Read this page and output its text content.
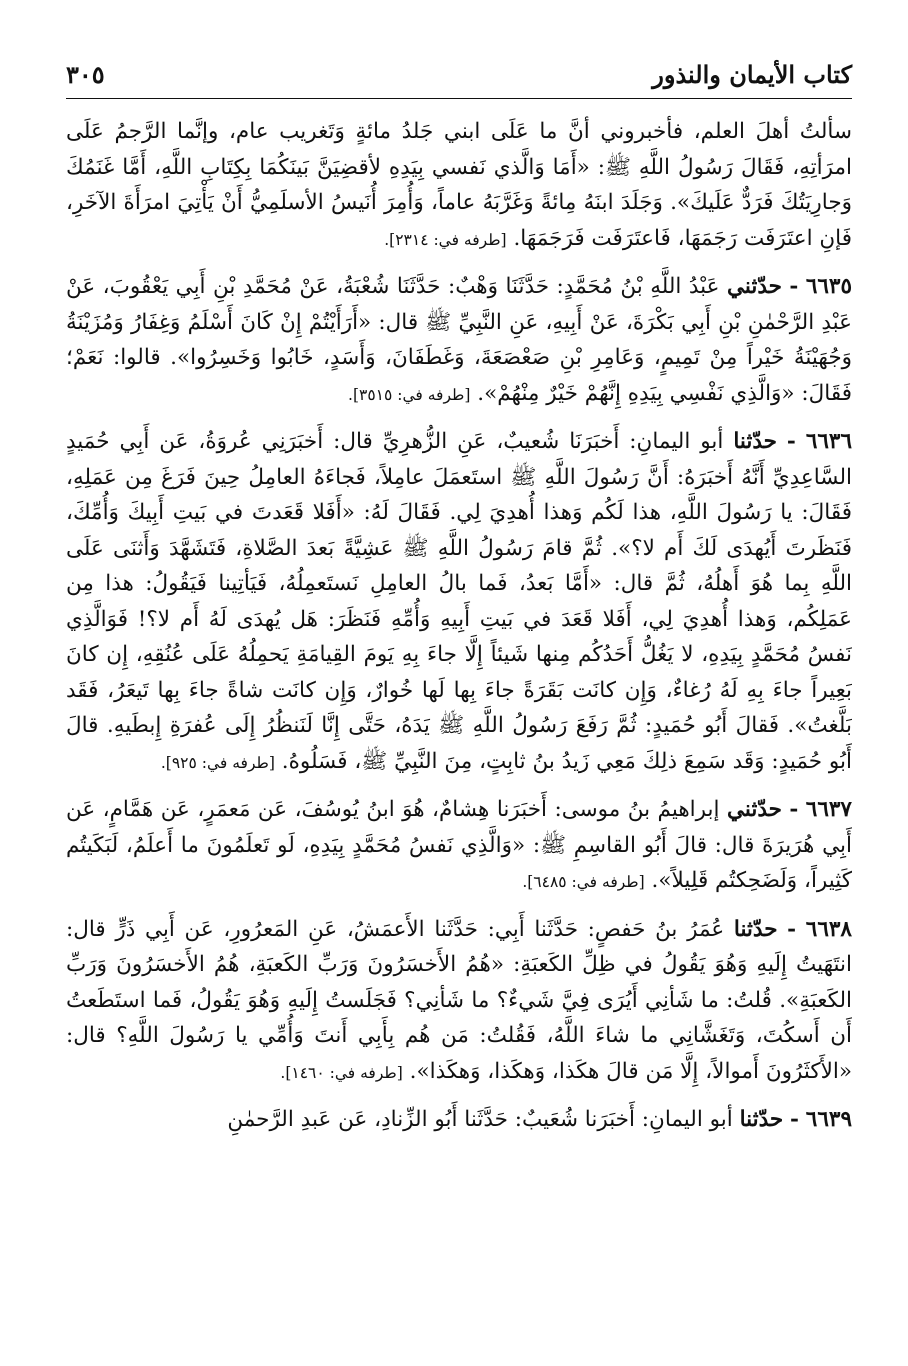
كتاب الأيمان والنذور
٣٠٥

سألتُ أهلَ العلم، فأخبروني أنَّ ما عَلَى ابني جَلدُ مائةٍ وَتَغريب عام، وإنَّما الرَّجمُ عَلَى امرَأتِهِ، فَقَالَ رَسُولُ اللَّهِ ﷺ: «أَمَا وَالَّذي نَفسي بِيَدِهِ لأقضِيَنَّ بَينَكُمَا بِكِتَابِ اللَّهِ، أَمَّا غَنَمُكَ وَجارِيَتُكَ فَرَدٌّ عَلَيكَ». وَجَلَدَ ابنَهُ مِائةً وَغَرَّبَهُ عاماً، وَأُمِرَ أُنَيسُ الأسلَمِيُّ أَنْ يَأْتِيَ امرَأَةَ الآخَرِ، فَإنِ اعتَرَفَت رَجَمَهَا، فَاعتَرَفَت فَرَجَمَهَا. [طرفه في: ٢٣١٤].

٦٦٣٥ - حدّثني عَبْدُ اللَّهِ بْنُ مُحَمَّدٍ: حَدَّثَنَا وَهْبٌ: حَدَّثَنَا شُعْبَةُ، عَنْ مُحَمَّدِ بْنِ أَبِي يَعْقُوبَ، عَنْ عَبْدِ الرَّحْمٰنِ بْنِ أَبِي بَكْرَةَ، عَنْ أَبِيهِ، عَنِ النَّبِيِّ ﷺ قال: «أَرَأَيْتُمْ إِنْ كَانَ أَسْلَمُ وَغِفَارُ وَمُزَيْنَةُ وَجُهَيْنَةُ خَيْراً مِنْ تَمِيمٍ، وَعَامِرِ بْنِ صَعْصَعَةَ، وَغَطَفَانَ، وَأَسَدٍ، خَابُوا وَخَسِرُوا». قالوا: نَعَمْ؛ فَقَالَ: «وَالَّذِي نَفْسِي بِيَدِهِ إِنَّهُمْ خَيْرٌ مِنْهُمْ». [طرفه في: ٣٥١٥].

٦٦٣٦ - حدّثنا أبو اليمانِ: أَخبَرَنَا شُعيبٌ، عَنِ الزُّهرِيِّ قال: أَخبَرَنِي عُروَةُ، عَن أَبِي حُمَيدٍ السَّاعِدِيِّ أَنَّهُ أَخبَرَهُ: أَنَّ رَسُولَ اللَّهِ ﷺ استَعمَلَ عامِلاً، فَجاءَهُ العامِلُ حِينَ فَرَغَ مِن عَمَلِهِ، فَقَالَ: يا رَسُولَ اللَّهِ، هذا لَكُم وَهذا أُهدِيَ لِي. فَقَالَ لَهُ: «أَفَلا قَعَدتَ في بَيتِ أَبِيكَ وَأُمِّكَ، فَنَظَرتَ أَيُهدَى لَكَ أَم لا؟». ثُمَّ قامَ رَسُولُ اللَّهِ ﷺ عَشِيَّةً بَعدَ الصَّلاةِ، فَتَشَهَّدَ وَأَثنَى عَلَى اللَّهِ بِما هُوَ أَهلُهُ، ثُمَّ قال: «أَمَّا بَعدُ، فَما بالُ العامِلِ نَستَعمِلُهُ، فَيَأتِينا فَيَقُولُ: هذا مِن عَمَلِكُم، وَهذا أُهدِيَ لِي، أَفَلا قَعَدَ في بَيتِ أَبِيهِ وَأُمِّهِ فَنَظَرَ: هَل يُهدَى لَهُ أَم لا؟! فَوَالَّذِي نَفسُ مُحَمَّدٍ بِيَدِهِ، لا يَغُلُّ أَحَدُكُم مِنها شَيئاً إِلَّا جاءَ بِهِ يَومَ القِيامَةِ يَحمِلُهُ عَلَى عُنُقِهِ، إِن كانَ بَعِيراً جاءَ بِهِ لَهُ رُغاءٌ، وَإِن كانَت بَقَرَةً جاءَ بِها لَها خُوارٌ، وَإِن كانَت شاةً جاءَ بِها تَيعَرُ، فَقَد بَلَّغتُ». فَقالَ أَبُو حُمَيدٍ: ثُمَّ رَفَعَ رَسُولُ اللَّهِ ﷺ يَدَهُ، حَتَّى إِنَّا لَنَنظُرُ إِلَى عُفرَةِ إِبطَيهِ. قالَ أَبُو حُمَيدٍ: وَقَد سَمِعَ ذلِكَ مَعِي زَيدُ بنُ ثابِتٍ، مِنَ النَّبِيِّ ﷺ، فَسَلُوهُ. [طرفه في: ٩٢٥].

٦٦٣٧ - حدّثني إبراهيمُ بنُ موسى: أَخبَرَنا هِشامٌ، هُوَ ابنُ يُوسُفَ، عَن مَعمَرٍ، عَن هَمَّامٍ، عَن أَبِي هُرَيرَةَ قال: قالَ أَبُو القاسِمِ ﷺ: «وَالَّذِي نَفسُ مُحَمَّدٍ بِيَدِهِ، لَو تَعلَمُونَ ما أَعلَمُ، لَبَكَيتُم كَثِيراً، وَلَضَحِكتُم قَلِيلاً». [طرفه في: ٦٤٨٥].

٦٦٣٨ - حدّثنا عُمَرُ بنُ حَفصٍ: حَدَّثَنا أَبِي: حَدَّثَنا الأَعمَشُ، عَنِ المَعرُورِ، عَن أَبِي ذَرٍّ قال: انتَهَيتُ إِلَيهِ وَهُوَ يَقُولُ في ظِلِّ الكَعبَةِ: «هُمُ الأَخسَرُونَ وَرَبِّ الكَعبَةِ، هُمُ الأَخسَرُونَ وَرَبِّ الكَعبَةِ». قُلتُ: ما شَأنِي أَيُرَى فِيَّ شَيءٌ؟ ما شَأنِي؟ فَجَلَستُ إِلَيهِ وَهُوَ يَقُولُ، فَما استَطَعتُ أَن أَسكُتَ، وَتَغَشَّانِي ما شاءَ اللَّهُ، فَقُلتُ: مَن هُم بِأَبِي أَنتَ وَأُمِّي يا رَسُولَ اللَّهِ؟ قال: «الأَكثَرُونَ أَموالاً، إِلَّا مَن قالَ هكَذا، وَهكَذا، وَهكَذا». [طرفه في: ١٤٦٠].

٦٦٣٩ - حدّثنا أبو اليمانِ: أَخبَرَنا شُعَيبٌ: حَدَّثَنا أَبُو الزِّنادِ، عَن عَبدِ الرَّحمٰنِ
